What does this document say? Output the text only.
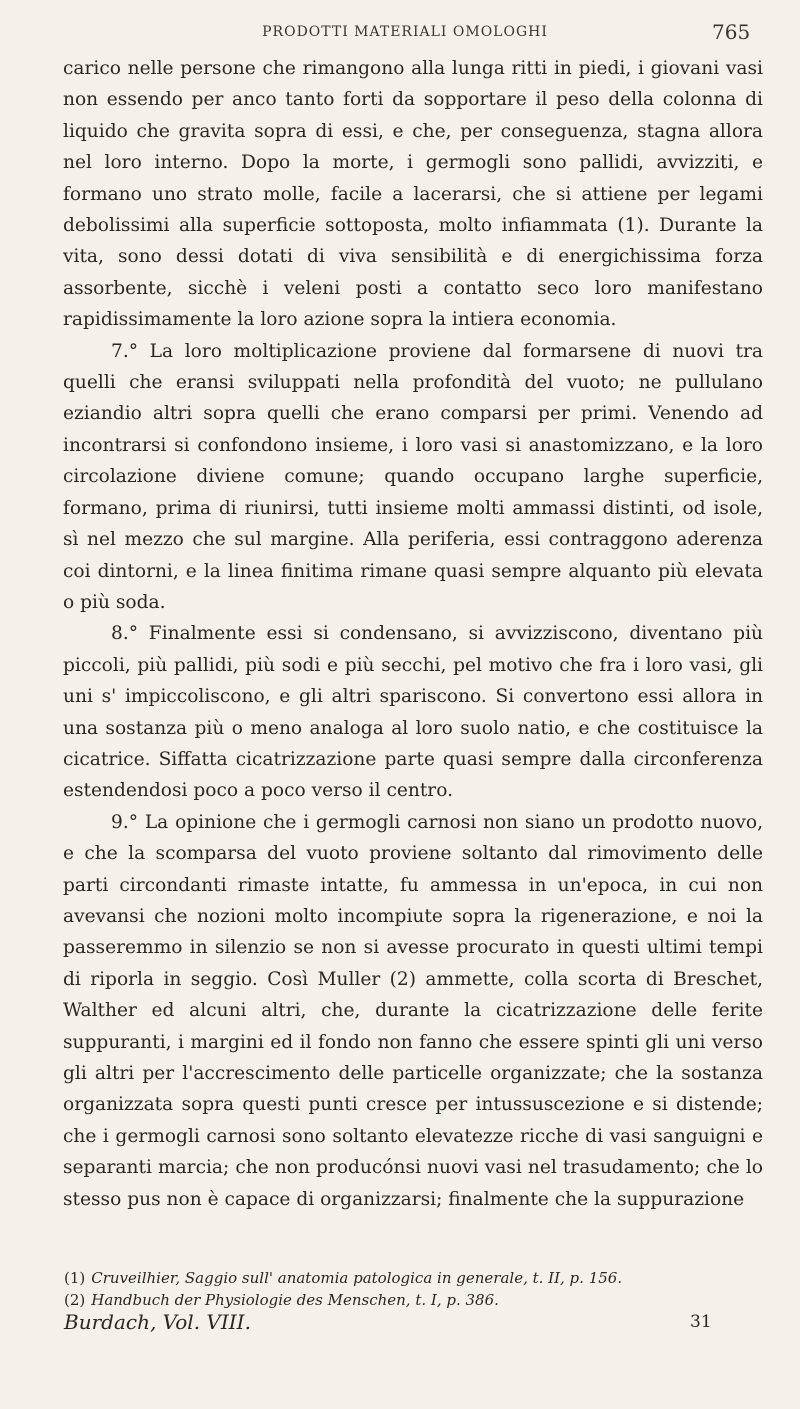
PRODOTTI MATERIALI OMOLOGHI	765

carico nelle persone che rimangono alla lunga ritti in piedi, i giovani vasi non essendo per anco tanto forti da sopportare il peso della colonna di liquido che gravita sopra di essi, e che, per conseguenza, stagna allora nel loro interno. Dopo la morte, i germogli sono pallidi, avvizziti, e formano uno strato molle, facile a lacerarsi, che si attiene per legami debolissimi alla superficie sottoposta, molto infiammata (1). Durante la vita, sono dessi dotati di viva sensibilità e di energichissima forza assorbente, sicchè i veleni posti a contatto seco loro manifestano rapidissimamente la loro azione sopra la intiera economia.

7.° La loro moltiplicazione proviene dal formarsene di nuovi tra quelli che eransi sviluppati nella profondità del vuoto; ne pullulano eziandio altri sopra quelli che erano comparsi per primi. Venendo ad incontrarsi si confondono insieme, i loro vasi si anastomizzano, e la loro circolazione diviene comune; quando occupano larghe superficie, formano, prima di riunirsi, tutti insieme molti ammassi distinti, od isole, sì nel mezzo che sul margine. Alla periferia, essi contraggono aderenza coi dintorni, e la linea finitima rimane quasi sempre alquanto più elevata o più soda.

8.° Finalmente essi si condensano, si avvizziscono, diventano più piccoli, più pallidi, più sodi e più secchi, pel motivo che fra i loro vasi, gli uni s' impiccoliscono, e gli altri spariscono. Si convertono essi allora in una sostanza più o meno analoga al loro suolo natio, e che costituisce la cicatrice. Siffatta cicatrizzazione parte quasi sempre dalla circonferenza estendendosi poco a poco verso il centro.

9.° La opinione che i germogli carnosi non siano un prodotto nuovo, e che la scomparsa del vuoto proviene soltanto dal rimovimento delle parti circondanti rimaste intatte, fu ammessa in un'epoca, in cui non avevansi che nozioni molto incompiute sopra la rigenerazione, e noi la passeremmo in silenzio se non si avesse procurato in questi ultimi tempi di riporla in seggio. Così Muller (2) ammette, colla scorta di Breschet, Walther ed alcuni altri, che, durante la cicatrizzazione delle ferite suppuranti, i margini ed il fondo non fanno che essere spinti gli uni verso gli altri per l'accrescimento delle particelle organizzate; che la sostanza organizzata sopra questi punti cresce per intussuscezione e si distende; che i germogli carnosi sono soltanto elevatezze ricche di vasi sanguigni e separanti marcia; che non producónsi nuovi vasi nel trasudamento; che lo stesso pus non è capace di organizzarsi; finalmente che la suppurazione

(1) Cruveilhier, Saggio sull' anatomia patologica in generale, t. II, p. 156.

(2) Handbuch der Physiologie des Menschen, t. I, p. 386.

Burdach, Vol. VIII.	31
